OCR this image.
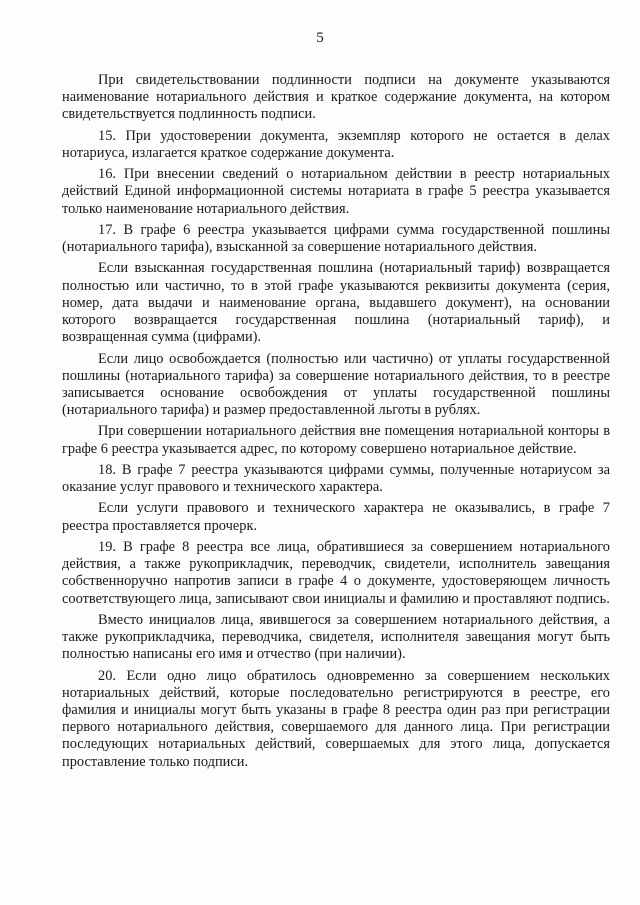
5

При свидетельствовании подлинности подписи на документе указываются наименование нотариального действия и краткое содержание документа, на котором свидетельствуется подлинность подписи.

15. При удостоверении документа, экземпляр которого не остается в делах нотариуса, излагается краткое содержание документа.

16. При внесении сведений о нотариальном действии в реестр нотариальных действий Единой информационной системы нотариата в графе 5 реестра указывается только наименование нотариального действия.

17. В графе 6 реестра указывается цифрами сумма государственной пошлины (нотариального тарифа), взысканной за совершение нотариального действия.

Если взысканная государственная пошлина (нотариальный тариф) возвращается полностью или частично, то в этой графе указываются реквизиты документа (серия, номер, дата выдачи и наименование органа, выдавшего документ), на основании которого возвращается государственная пошлина (нотариальный тариф), и возвращенная сумма (цифрами).

Если лицо освобождается (полностью или частично) от уплаты государственной пошлины (нотариального тарифа) за совершение нотариального действия, то в реестре записывается основание освобождения от уплаты государственной пошлины (нотариального тарифа) и размер предоставленной льготы в рублях.

При совершении нотариального действия вне помещения нотариальной конторы в графе 6 реестра указывается адрес, по которому совершено нотариальное действие.

18. В графе 7 реестра указываются цифрами суммы, полученные нотариусом за оказание услуг правового и технического характера.

Если услуги правового и технического характера не оказывались, в графе 7 реестра проставляется прочерк.

19. В графе 8 реестра все лица, обратившиеся за совершением нотариального действия, а также рукоприкладчик, переводчик, свидетели, исполнитель завещания собственноручно напротив записи в графе 4 о документе, удостоверяющем личность соответствующего лица, записывают свои инициалы и фамилию и проставляют подпись.

Вместо инициалов лица, явившегося за совершением нотариального действия, а также рукоприкладчика, переводчика, свидетеля, исполнителя завещания могут быть полностью написаны его имя и отчество (при наличии).

20. Если одно лицо обратилось одновременно за совершением нескольких нотариальных действий, которые последовательно регистрируются в реестре, его фамилия и инициалы могут быть указаны в графе 8 реестра один раз при регистрации первого нотариального действия, совершаемого для данного лица. При регистрации последующих нотариальных действий, совершаемых для этого лица, допускается проставление только подписи.
